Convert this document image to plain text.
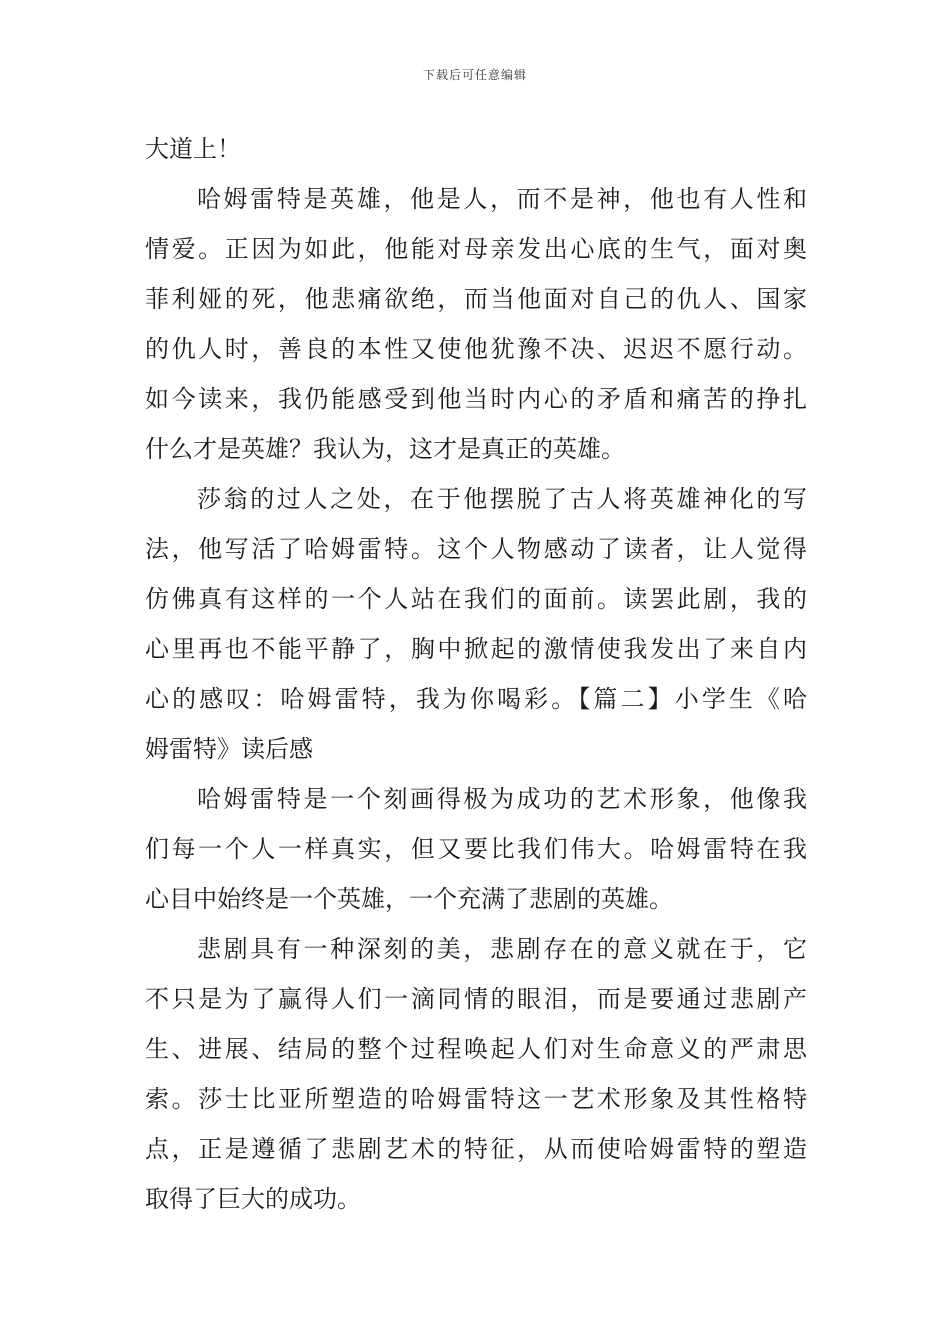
下载后可任意编辑
大道上！
哈姆雷特是英雄，他是人，而不是神，他也有人性和
情爱。正因为如此，他能对母亲发出心底的生气，面对奥
菲利娅的死，他悲痛欲绝，而当他面对自己的仇人、国家
的仇人时，善良的本性又使他犹豫不决、迟迟不愿行动。
如今读来，我仍能感受到他当时内心的矛盾和痛苦的挣扎
什么才是英雄？我认为，这才是真正的英雄。
莎翁的过人之处，在于他摆脱了古人将英雄神化的写
法，他写活了哈姆雷特。这个人物感动了读者，让人觉得
仿佛真有这样的一个人站在我们的面前。读罢此剧，我的
心里再也不能平静了，胸中掀起的激情使我发出了来自内
心的感叹：哈姆雷特，我为你喝彩。【篇二】小学生《哈
姆雷特》读后感
哈姆雷特是一个刻画得极为成功的艺术形象，他像我
们每一个人一样真实，但又要比我们伟大。哈姆雷特在我
心目中始终是一个英雄，一个充满了悲剧的英雄。
悲剧具有一种深刻的美，悲剧存在的意义就在于，它
不只是为了赢得人们一滴同情的眼泪，而是要通过悲剧产
生、进展、结局的整个过程唤起人们对生命意义的严肃思
索。莎士比亚所塑造的哈姆雷特这一艺术形象及其性格特
点，正是遵循了悲剧艺术的特征，从而使哈姆雷特的塑造
取得了巨大的成功。
